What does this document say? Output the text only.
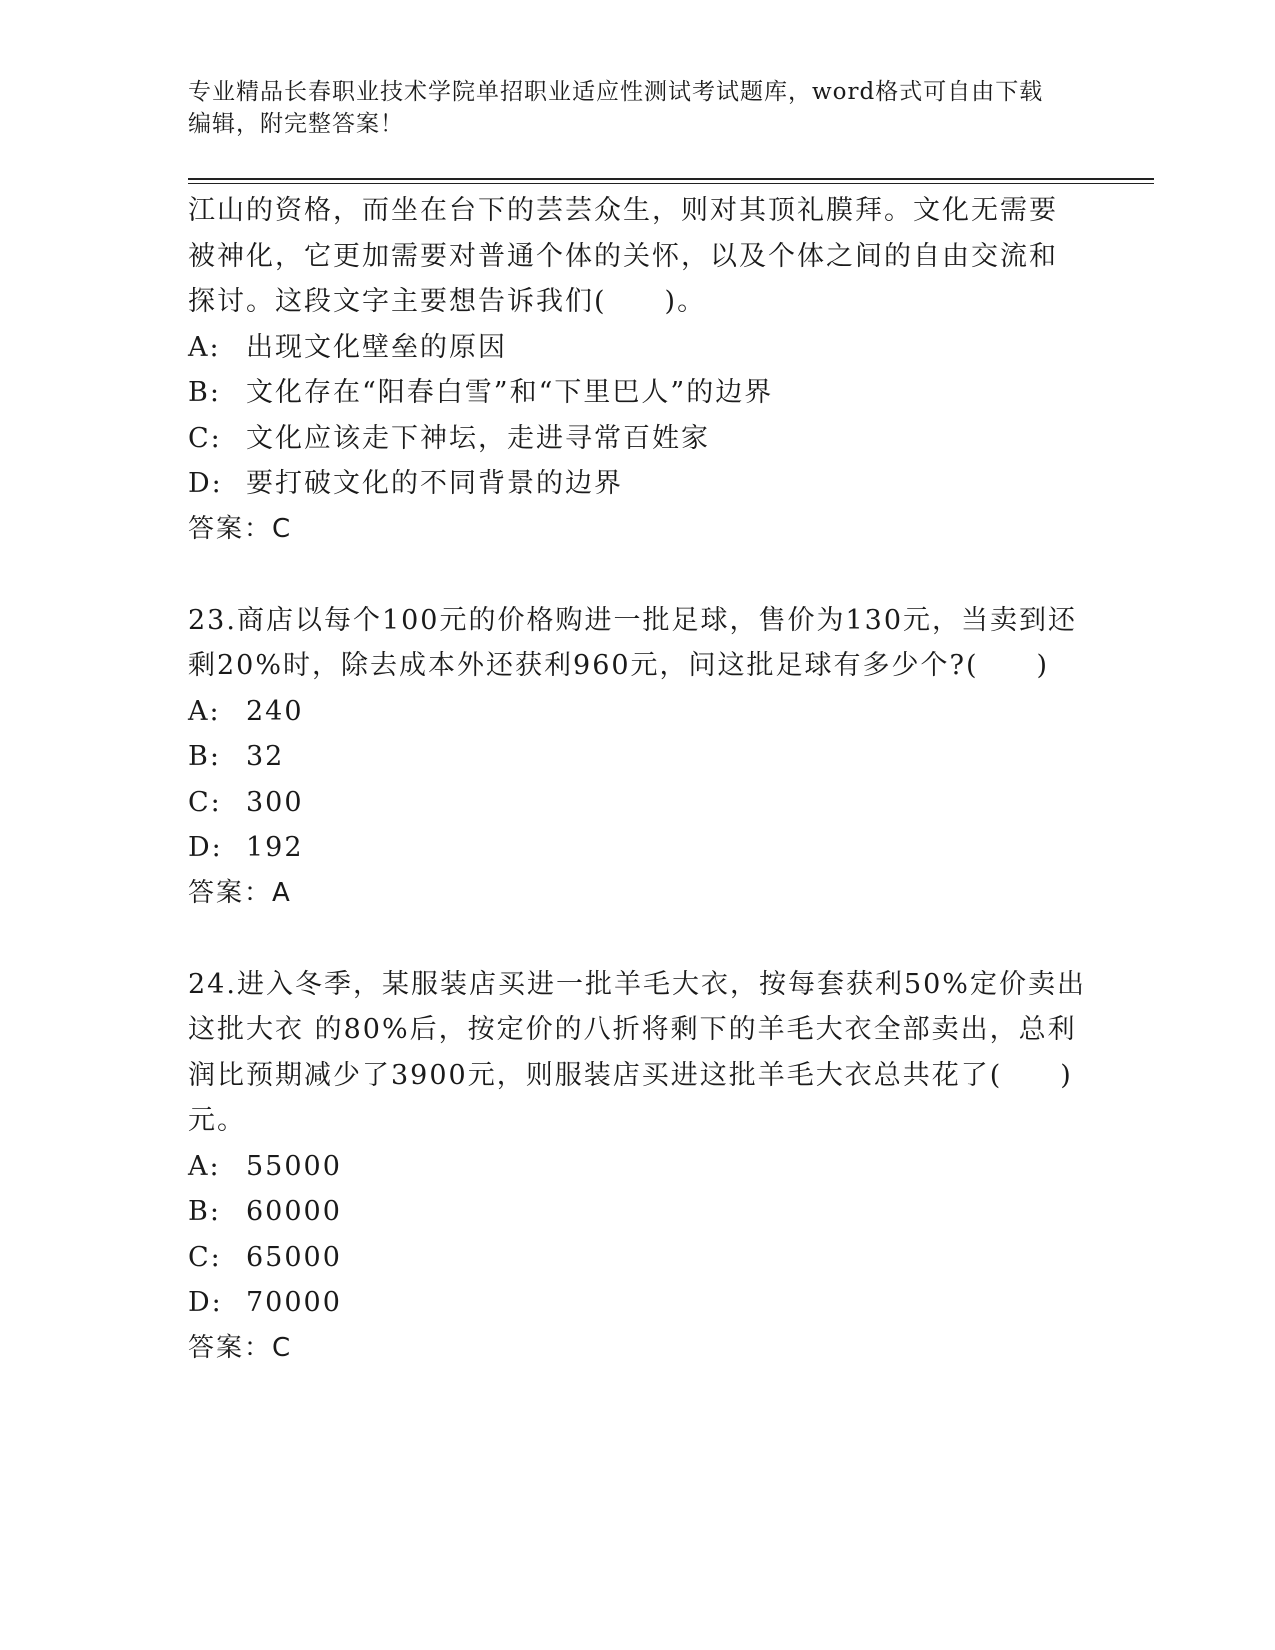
专业精品长春职业技术学院单招职业适应性测试考试题库，word格式可自由下载
编辑，附完整答案！

江山的资格，而坐在台下的芸芸众生，则对其顶礼膜拜。文化无需要

被神化，它更加需要对普通个体的关怀，以及个体之间的自由交流和

探讨。这段文字主要想告诉我们(　　)。

A: 出现文化壁垒的原因

B: 文化存在“阳春白雪”和“下里巴人”的边界

C: 文化应该走下神坛，走进寻常百姓家

D: 要打破文化的不同背景的边界

答案：C

23.商店以每个100元的价格购进一批足球，售价为130元，当卖到还

剩20%时，除去成本外还获利960元，问这批足球有多少个?(　　)

A: 240

B: 32

C: 300

D: 192

答案：A

24.进入冬季，某服装店买进一批羊毛大衣，按每套获利50%定价卖出

这批大衣 的80%后，按定价的八折将剩下的羊毛大衣全部卖出，总利

润比预期减少了3900元，则服装店买进这批羊毛大衣总共花了(　　)

元。

A: 55000

B: 60000

C: 65000

D: 70000

答案：C
